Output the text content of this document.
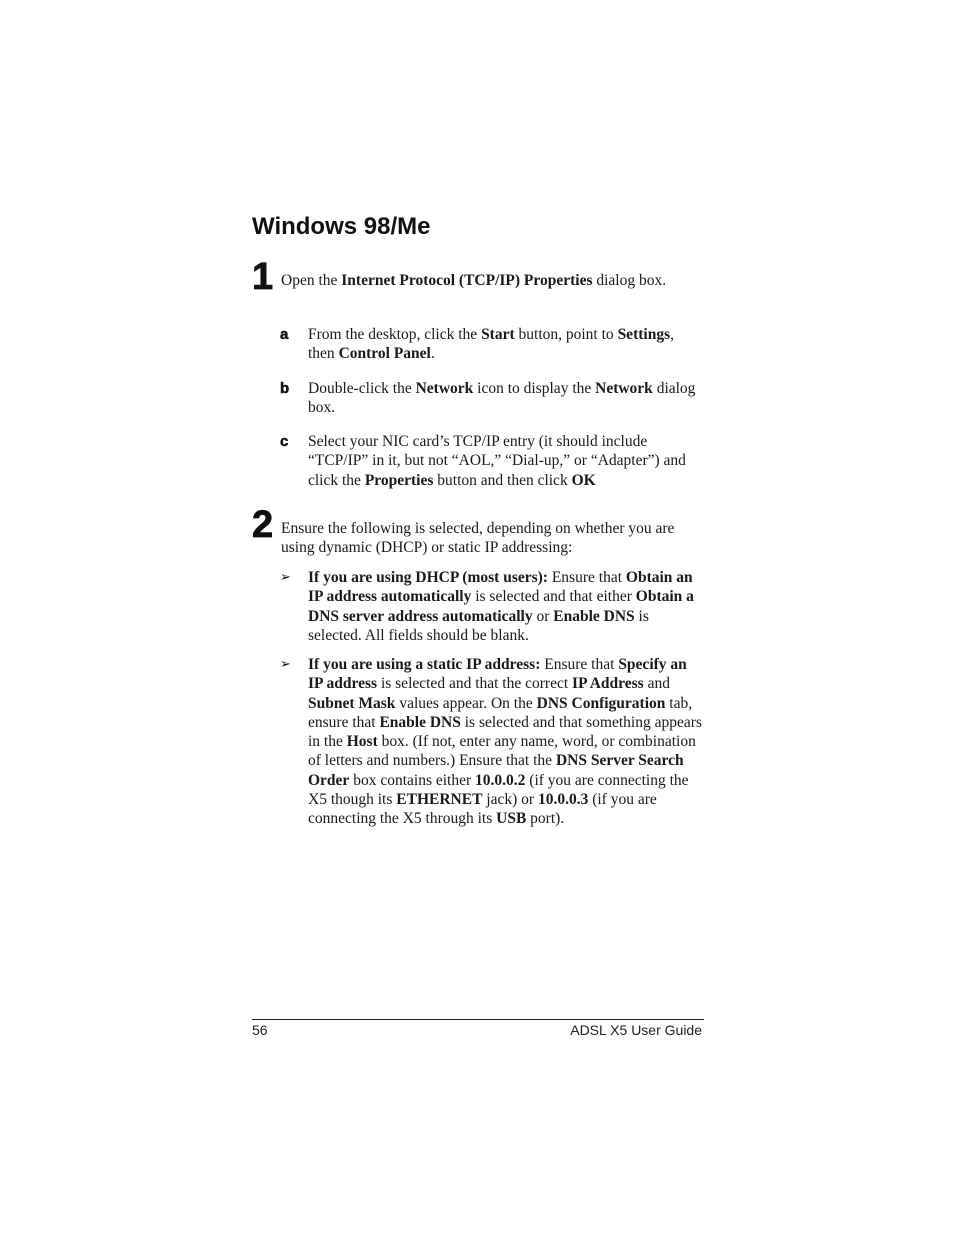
Windows 98/Me
1 Open the Internet Protocol (TCP/IP) Properties dialog box.
a From the desktop, click the Start button, point to Settings, then Control Panel.
b Double-click the Network icon to display the Network dialog box.
c Select your NIC card’s TCP/IP entry (it should include “TCP/IP” in it, but not “AOL,” “Dial-up,” or “Adapter”) and click the Properties button and then click OK
2 Ensure the following is selected, depending on whether you are using dynamic (DHCP) or static IP addressing:
➢ If you are using DHCP (most users): Ensure that Obtain an IP address automatically is selected and that either Obtain a DNS server address automatically or Enable DNS is selected. All fields should be blank.
➢ If you are using a static IP address: Ensure that Specify an IP address is selected and that the correct IP Address and Subnet Mask values appear. On the DNS Configuration tab, ensure that Enable DNS is selected and that something appears in the Host box. (If not, enter any name, word, or combination of letters and numbers.) Ensure that the DNS Server Search Order box contains either 10.0.0.2 (if you are connecting the X5 though its ETHERNET jack) or 10.0.0.3 (if you are connecting the X5 through its USB port).
56	ADSL X5 User Guide
